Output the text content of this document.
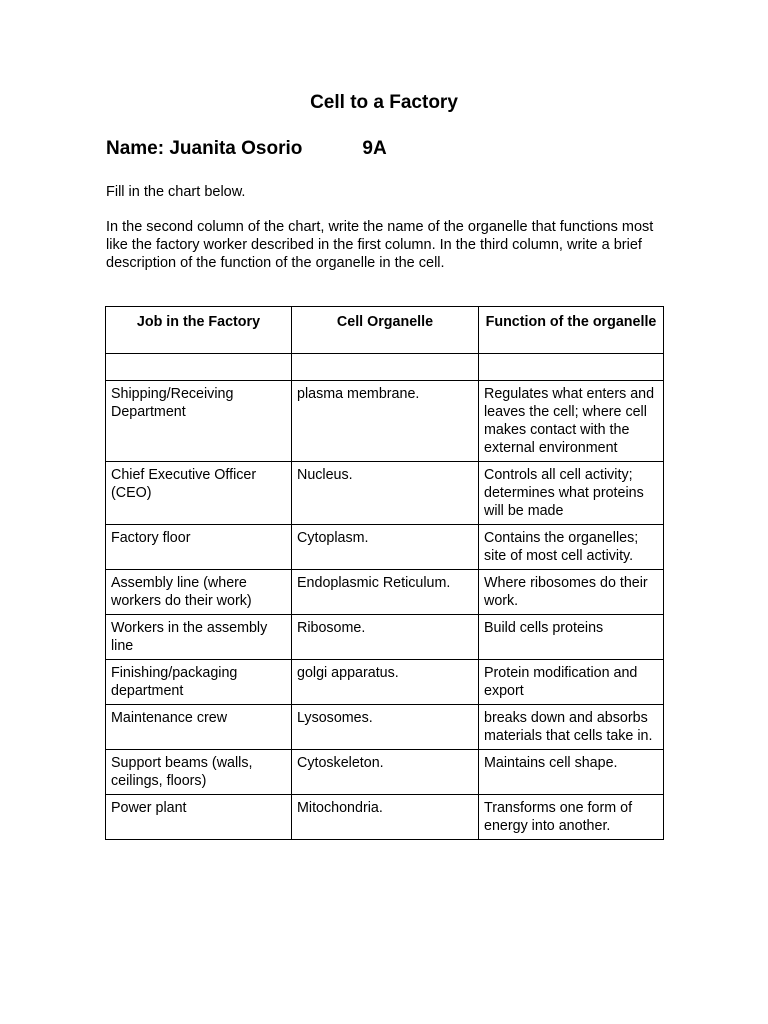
Cell to a Factory
Name: Juanita Osorio	9A
Fill in the chart below.
In the second column of the chart, write the name of the organelle that functions most like the factory worker described in the first column. In the third column, write a brief description of the function of the organelle in the cell.
Job in the Factory	Cell Organelle	Function of the organelle

Shipping/Receiving Department	plasma membrane.	Regulates what enters and leaves the cell; where cell makes contact with the external environment
Chief Executive Officer (CEO)	Nucleus.	Controls all cell activity; determines what proteins will be made
Factory floor	Cytoplasm.	Contains the organelles; site of most cell activity.
Assembly line (where workers do their work)	Endoplasmic Reticulum.	Where ribosomes do their work.
Workers in the assembly line	Ribosome.	Build cells proteins
Finishing/packaging department	golgi apparatus.	Protein modification and export
Maintenance crew	Lysosomes.	breaks down and absorbs materials that cells take in.
Support beams (walls, ceilings, floors)	Cytoskeleton.	Maintains cell shape.
Power plant	Mitochondria.	Transforms one form of energy into another.
